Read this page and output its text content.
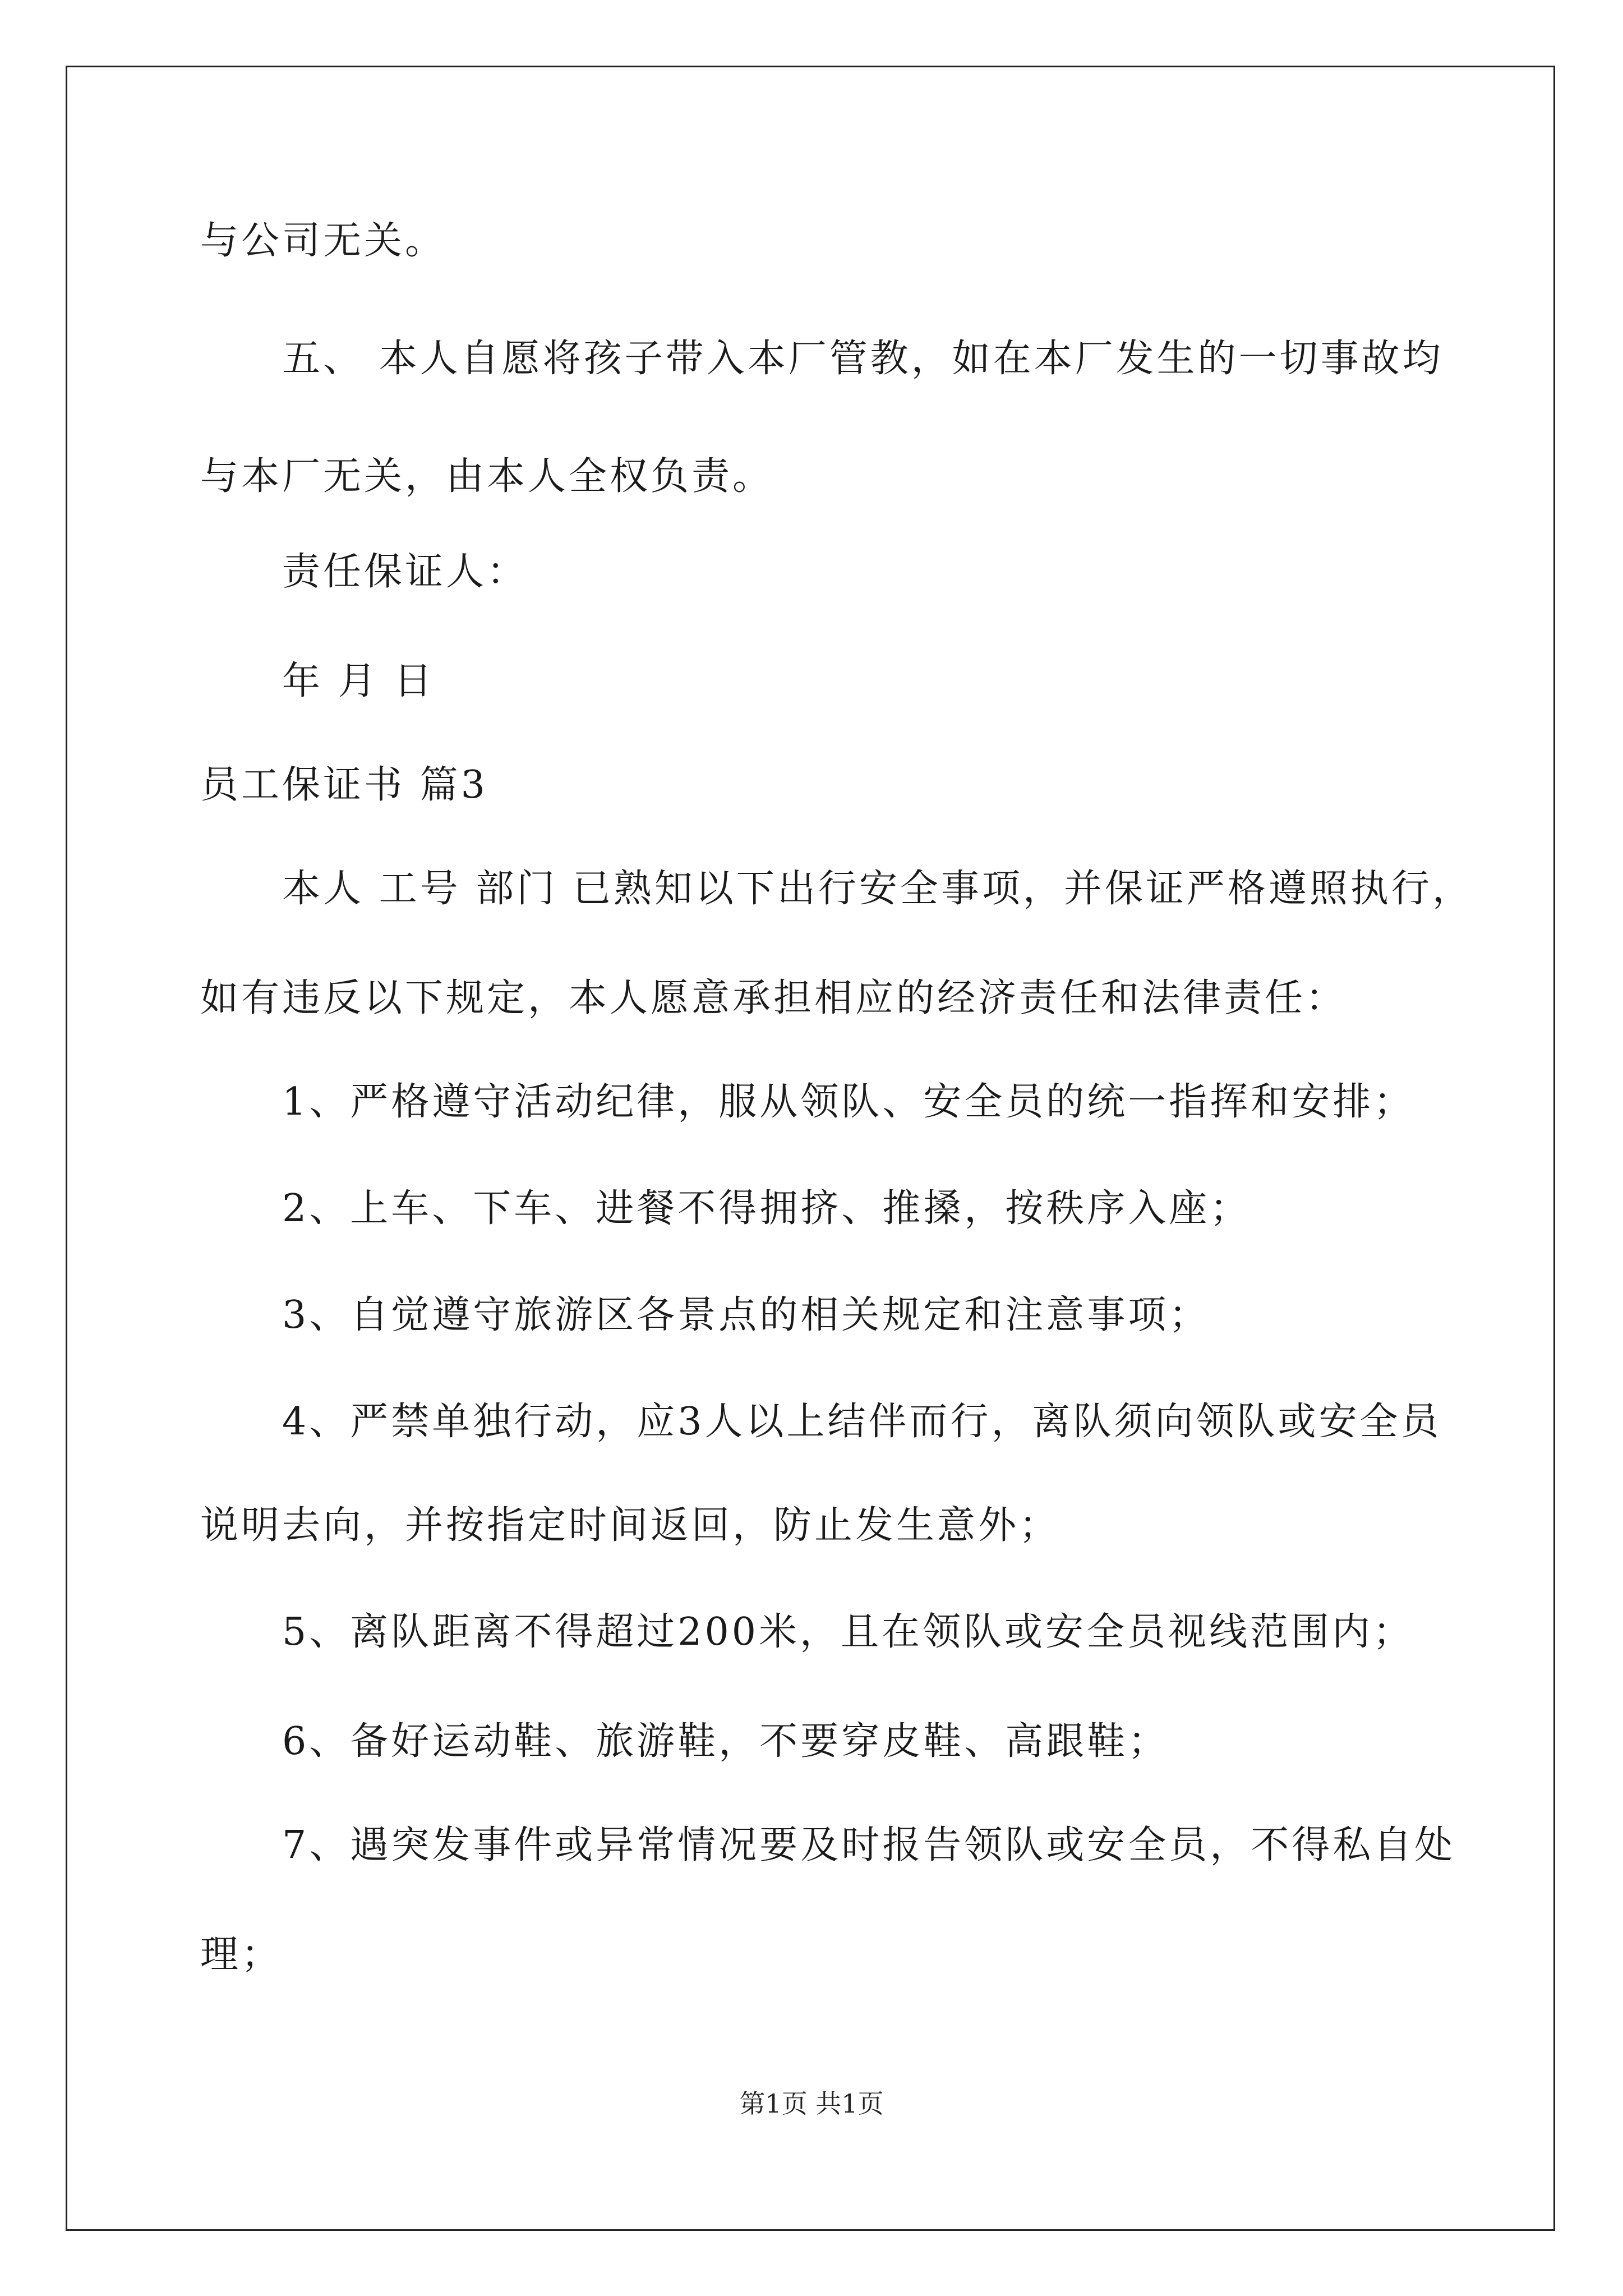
与公司无关。
五、 本人自愿将孩子带入本厂管教，如在本厂发生的一切事故均
与本厂无关，由本人全权负责。
责任保证人：
年 月 日
员工保证书 篇3
本人 工号 部门 已熟知以下出行安全事项，并保证严格遵照执行，
如有违反以下规定，本人愿意承担相应的经济责任和法律责任：
1、严格遵守活动纪律，服从领队、安全员的统一指挥和安排；
2、上车、下车、进餐不得拥挤、推搡，按秩序入座；
3、自觉遵守旅游区各景点的相关规定和注意事项；
4、严禁单独行动，应3人以上结伴而行，离队须向领队或安全员
说明去向，并按指定时间返回，防止发生意外；
5、离队距离不得超过200米，且在领队或安全员视线范围内；
6、备好运动鞋、旅游鞋，不要穿皮鞋、高跟鞋；
7、遇突发事件或异常情况要及时报告领队或安全员，不得私自处
理；
第1页 共1页
